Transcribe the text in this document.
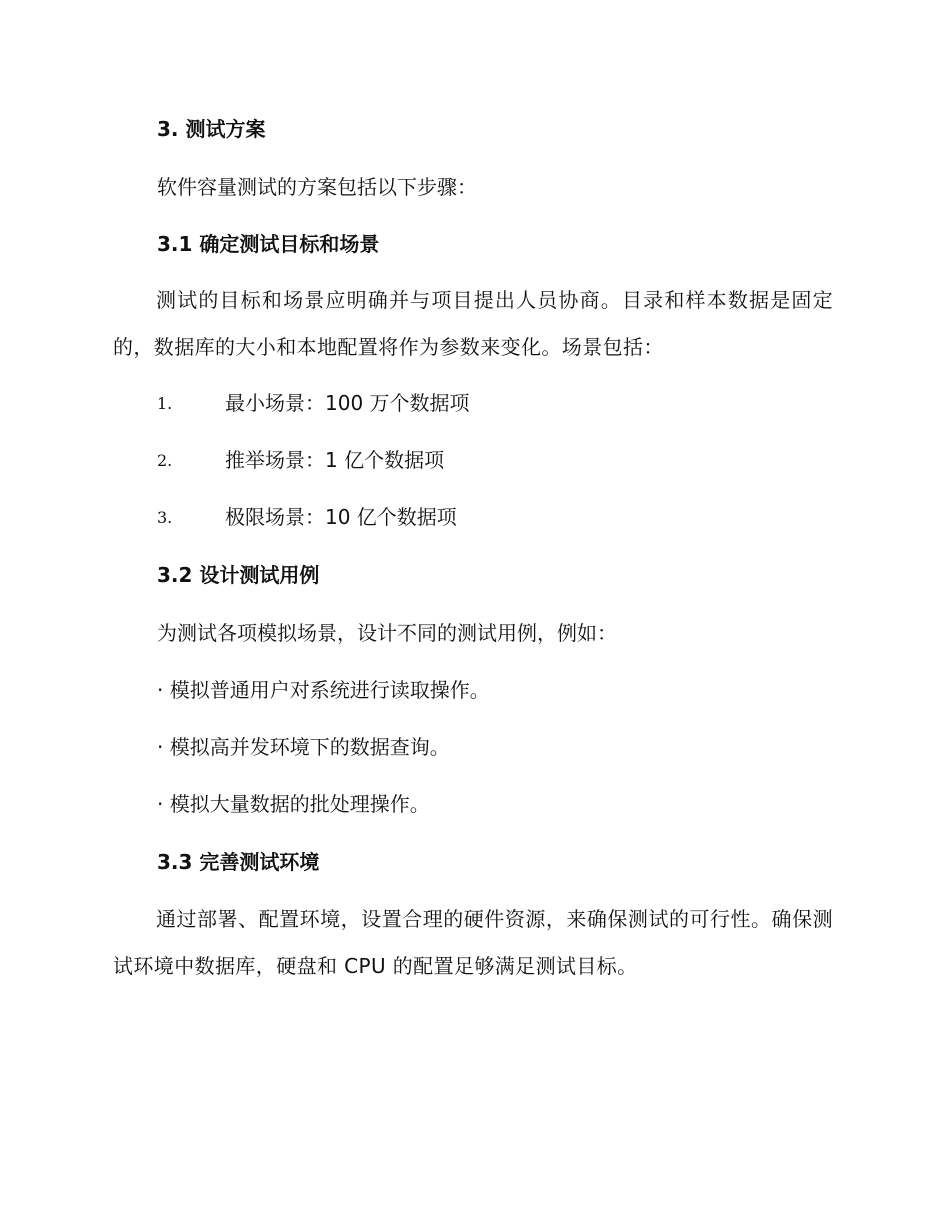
3. 测试方案
软件容量测试的方案包括以下步骤：
3.1 确定测试目标和场景
测试的目标和场景应明确并与项目提出人员协商。目录和样本数据是固定的，数据库的大小和本地配置将作为参数来变化。场景包括：
1.	最小场景：100 万个数据项
2.	推举场景：1 亿个数据项
3.	极限场景：10 亿个数据项
3.2 设计测试用例
为测试各项模拟场景，设计不同的测试用例，例如：
· 模拟普通用户对系统进行读取操作。
· 模拟高并发环境下的数据查询。
· 模拟大量数据的批处理操作。
3.3 完善测试环境
通过部署、配置环境，设置合理的硬件资源，来确保测试的可行性。确保测试环境中数据库，硬盘和 CPU 的配置足够满足测试目标。
